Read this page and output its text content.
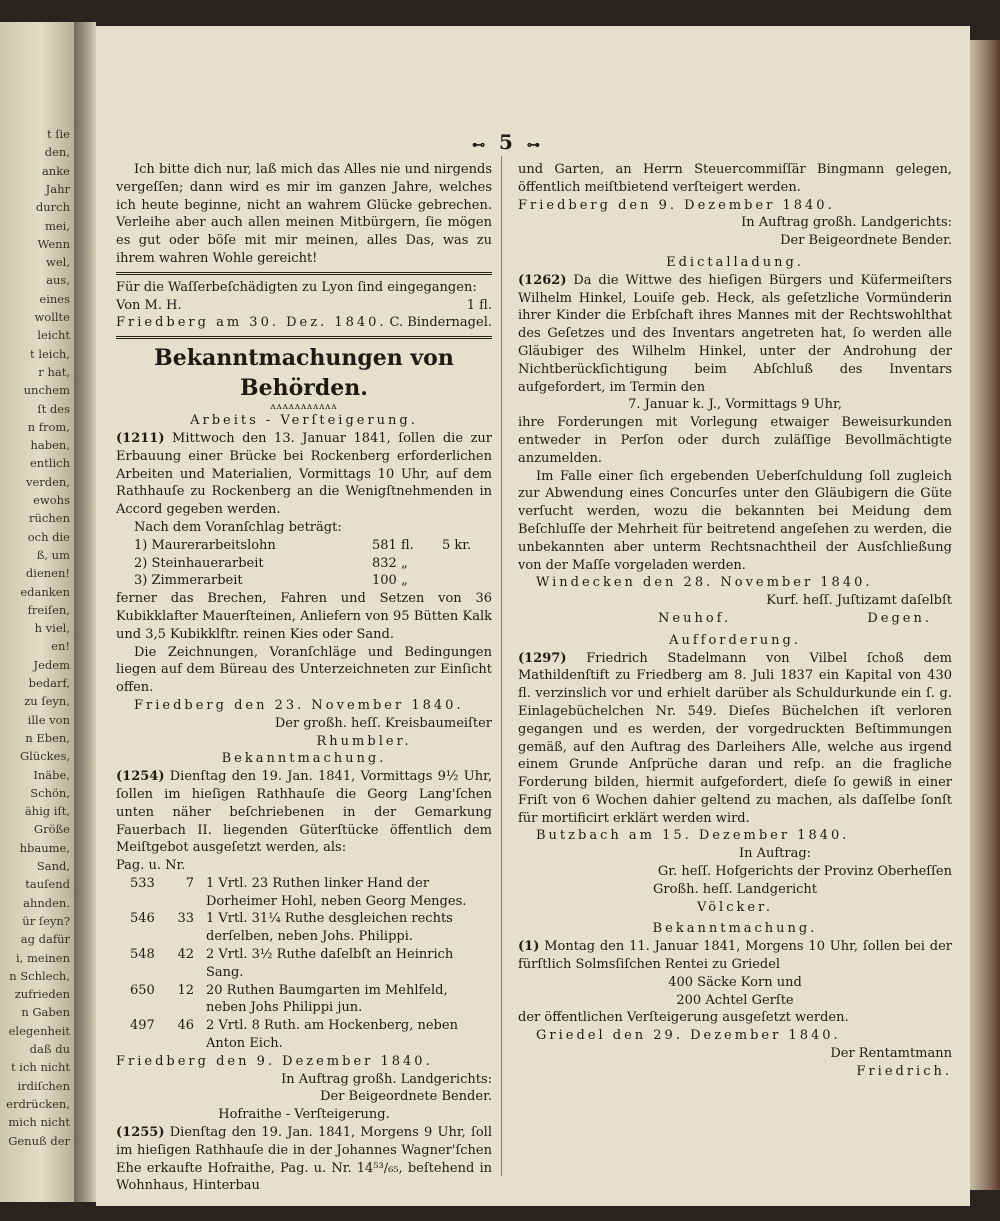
t ſie
den,
anke
Jahr
durch
mei,
Wenn
wel,
aus,
eines
wollte
leicht
t leich,
r hat,
unchem
ſt des
n from,
haben,
entlich
verden,
ewohs
rüchen
och die
ß, um
dienen!
edanken
freiſen,
h viel,
en!
Jedem
bedarf,
zu ſeyn,
ille von
n Eben,
Glückes,
Inäbe,
Schön,
ähig iſt,
Größe
hbaume,
Sand,
tauſend
ahnden.
ür ſeyn?
ag dafür
i, meinen
n Schlech,
zufrieden
n Gaben
elegenheit
daß du
t ich nicht
irdiſchen
erdrücken,
mich nicht
Genuß der
⊷ 5 ⊶

Ich bitte dich nur, laß mich das Alles nie und nirgends vergeſſen; dann wird es mir im ganzen Jahre, welches ich heute beginne, nicht an wahrem Glücke gebrechen. Verleihe aber auch allen meinen Mitbürgern, ſie mögen es gut oder böſe mit mir meinen, alles Das, was zu ihrem wahren Wohle gereicht!

Für die Waſſerbeſchädigten zu Lyon ſind eingegangen:

Von M. H.	1 fl.
Friedberg am 30. Dez. 1840. C. Bindernagel.
Bekanntmachungen von Behörden.
ʌʌʌʌʌʌʌʌʌʌʌ

Arbeits - Verſteigerung.

(1211) Mittwoch den 13. Januar 1841, ſollen die zur Erbauung einer Brücke bei Rockenberg erforderlichen Arbeiten und Materialien, Vormittags 10 Uhr, auf dem Rathhauſe zu Rockenberg an die Wenigſtnehmenden in Accord gegeben werden.

Nach dem Voranſchlag beträgt:

1) Maurerarbeitslohn	581 fl.	5 kr.
2) Steinhauerarbeit	832 „	
3) Zimmerarbeit	100 „	

ferner das Brechen, Fahren und Setzen von 36 Kubikklafter Mauerſteinen, Anliefern von 95 Bütten Kalk und 3,5 Kubikklftr. reinen Kies oder Sand.

Die Zeichnungen, Voranſchläge und Bedingungen liegen auf dem Büreau des Unterzeichneten zur Einſicht offen.

Friedberg den 23. November 1840.

Der großh. heſſ. Kreisbaumeiſter

Rhumbler.

Bekanntmachung.

(1254) Dienſtag den 19. Jan. 1841, Vormittags 9½ Uhr, ſollen im hieſigen Rathhauſe die Georg Lang'ſchen unten näher beſchriebenen in der Gemarkung Fauerbach II. liegenden Güterſtücke öffentlich dem Meiſtgebot ausgeſetzt werden, als:

Pag. u. Nr.

533	7	1 Vrtl. 23 Ruthen linker Hand der Dorheimer Hohl, neben Georg Menges.
546	33	1 Vrtl. 31¼ Ruthe desgleichen rechts derſelben, neben Johs. Philippi.
548	42	2 Vrtl. 3½ Ruthe daſelbſt an Heinrich Sang.
650	12	20 Ruthen Baumgarten im Mehlfeld, neben Johs Philippi jun.
497	46	2 Vrtl. 8 Ruth. am Hockenberg, neben Anton Eich.

Friedberg den 9. Dezember 1840.

In Auftrag großh. Landgerichts:

Der Beigeordnete Bender.

Hofraithe - Verſteigerung.

(1255) Dienſtag den 19. Jan. 1841, Morgens 9 Uhr, ſoll im hieſigen Rathhauſe die in der Johannes Wagner'ſchen Ehe erkaufte Hofraithe, Pag. u. Nr. 14⁵³/₆₅, beſtehend in Wohnhaus, Hinterbau

und Garten, an Herrn Steuercommiſſär Bingmann gelegen, öffentlich meiſtbietend verſteigert werden.

Friedberg den 9. Dezember 1840.

In Auftrag großh. Landgerichts:

Der Beigeordnete Bender.

Edictalladung.

(1262) Da die Wittwe des hieſigen Bürgers und Küfermeiſters Wilhelm Hinkel, Louiſe geb. Heck, als geſetzliche Vormünderin ihrer Kinder die Erbſchaft ihres Mannes mit der Rechtswohlthat des Geſetzes und des Inventars angetreten hat, ſo werden alle Gläubiger des Wilhelm Hinkel, unter der Androhung der Nichtberückſichtigung beim Abſchluß des Inventars aufgefordert, im Termin den

7. Januar k. J., Vormittags 9 Uhr,

ihre Forderungen mit Vorlegung etwaiger Beweisurkunden entweder in Perſon oder durch zuläſſige Bevollmächtigte anzumelden.

Im Falle einer ſich ergebenden Ueberſchuldung ſoll zugleich zur Abwendung eines Concurſes unter den Gläubigern die Güte verſucht werden, wozu die bekannten bei Meidung dem Beſchluſſe der Mehrheit für beitretend angeſehen zu werden, die unbekannten aber unterm Rechtsnachtheil der Ausſchließung von der Maſſe vorgeladen werden.

Windecken den 28. November 1840.

Kurf. heſſ. Juſtizamt daſelbſt

Neuhof.	Degen.

Aufforderung.

(1297) Friedrich Stadelmann von Vilbel ſchoß dem Mathildenſtift zu Friedberg am 8. Juli 1837 ein Kapital von 430 fl. verzinslich vor und erhielt darüber als Schuldurkunde ein ſ. g. Einlagebüchelchen Nr. 549. Dieſes Büchelchen iſt verloren gegangen und es werden, der vorgedruckten Beſtimmungen gemäß, auf den Auftrag des Darleihers Alle, welche aus irgend einem Grunde Anſprüche daran und reſp. an die fragliche Forderung bilden, hiermit aufgefordert, dieſe ſo gewiß in einer Friſt von 6 Wochen dahier geltend zu machen, als daſſelbe ſonſt für mortificirt erklärt werden wird.

Butzbach am 15. Dezember 1840.

In Auftrag:

Gr. heſſ. Hofgerichts der Provinz Oberheſſen

Großh. heſſ. Landgericht

Völcker.

Bekanntmachung.

(1) Montag den 11. Januar 1841, Morgens 10 Uhr, ſollen bei der fürſtlich Solmsſiſchen Rentei zu Griedel

400 Säcke Korn und

200 Achtel Gerſte

der öffentlichen Verſteigerung ausgeſetzt werden.

Griedel den 29. Dezember 1840.

Der Rentamtmann

Friedrich.
